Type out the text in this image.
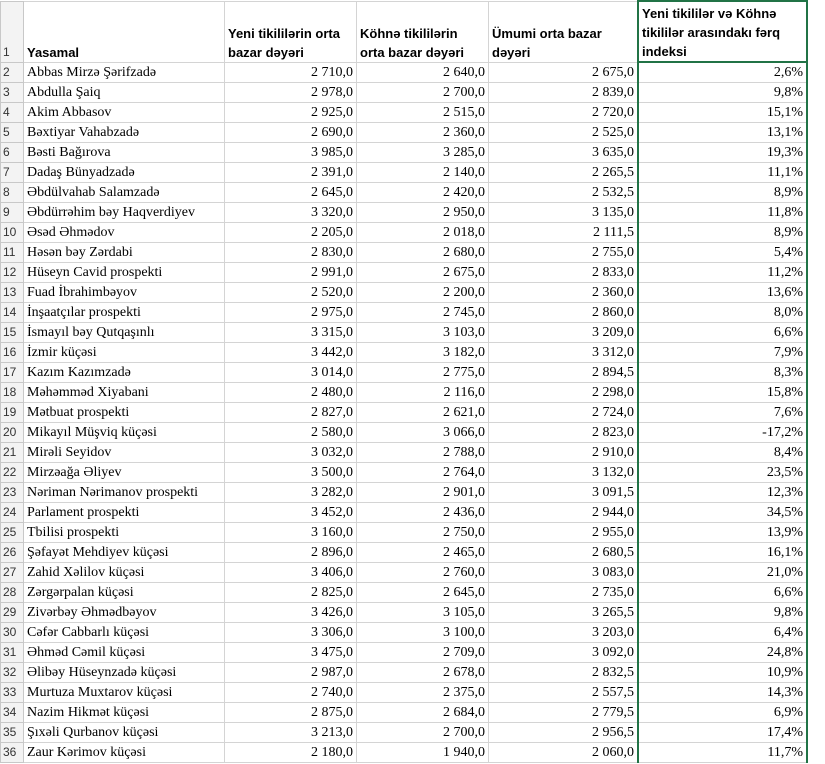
1	Yasamal	Yeni tikililərin orta bazar dəyəri	Köhnə tikililərin orta bazar dəyəri	Ümumi orta bazar dəyəri	Yeni tikililər və Köhnə tikililər arasındakı fərq indeksi
2	Abbas Mirzə Şərifzadə	2 710,0	2 640,0	2 675,0	2,6%
3	Abdulla Şaiq	2 978,0	2 700,0	2 839,0	9,8%
4	Akim Abbasov	2 925,0	2 515,0	2 720,0	15,1%
5	Bəxtiyar Vahabzadə	2 690,0	2 360,0	2 525,0	13,1%
6	Bəsti Bağırova	3 985,0	3 285,0	3 635,0	19,3%
7	Dadaş Bünyadzadə	2 391,0	2 140,0	2 265,5	11,1%
8	Əbdülvahab Salamzadə	2 645,0	2 420,0	2 532,5	8,9%
9	Əbdürrəhim bəy Haqverdiyev	3 320,0	2 950,0	3 135,0	11,8%
10	Əsəd Əhmədov	2 205,0	2 018,0	2 111,5	8,9%
11	Həsən bəy Zərdabi	2 830,0	2 680,0	2 755,0	5,4%
12	Hüseyn Cavid prospekti	2 991,0	2 675,0	2 833,0	11,2%
13	Fuad İbrahimbəyov	2 520,0	2 200,0	2 360,0	13,6%
14	İnşaatçılar prospekti	2 975,0	2 745,0	2 860,0	8,0%
15	İsmayıl bəy Qutqaşınlı	3 315,0	3 103,0	3 209,0	6,6%
16	İzmir küçəsi	3 442,0	3 182,0	3 312,0	7,9%
17	Kazım Kazımzadə	3 014,0	2 775,0	2 894,5	8,3%
18	Məhəmməd Xiyabani	2 480,0	2 116,0	2 298,0	15,8%
19	Mətbuat prospekti	2 827,0	2 621,0	2 724,0	7,6%
20	Mikayıl Müşviq küçəsi	2 580,0	3 066,0	2 823,0	-17,2%
21	Mirəli Seyidov	3 032,0	2 788,0	2 910,0	8,4%
22	Mirzəağa Əliyev	3 500,0	2 764,0	3 132,0	23,5%
23	Nəriman Nərimanov prospekti	3 282,0	2 901,0	3 091,5	12,3%
24	Parlament prospekti	3 452,0	2 436,0	2 944,0	34,5%
25	Tbilisi prospekti	3 160,0	2 750,0	2 955,0	13,9%
26	Şəfayət Mehdiyev küçəsi	2 896,0	2 465,0	2 680,5	16,1%
27	Zahid Xəlilov küçəsi	3 406,0	2 760,0	3 083,0	21,0%
28	Zərgərpalan küçəsi	2 825,0	2 645,0	2 735,0	6,6%
29	Zivərbəy Əhmədbəyov	3 426,0	3 105,0	3 265,5	9,8%
30	Cəfər Cabbarlı küçəsi	3 306,0	3 100,0	3 203,0	6,4%
31	Əhməd Cəmil küçəsi	3 475,0	2 709,0	3 092,0	24,8%
32	Əlibəy Hüseynzadə küçəsi	2 987,0	2 678,0	2 832,5	10,9%
33	Murtuza Muxtarov küçəsi	2 740,0	2 375,0	2 557,5	14,3%
34	Nazim Hikmət küçəsi	2 875,0	2 684,0	2 779,5	6,9%
35	Şıxəli Qurbanov küçəsi	3 213,0	2 700,0	2 956,5	17,4%
36	Zaur Kərimov küçəsi	2 180,0	1 940,0	2 060,0	11,7%
